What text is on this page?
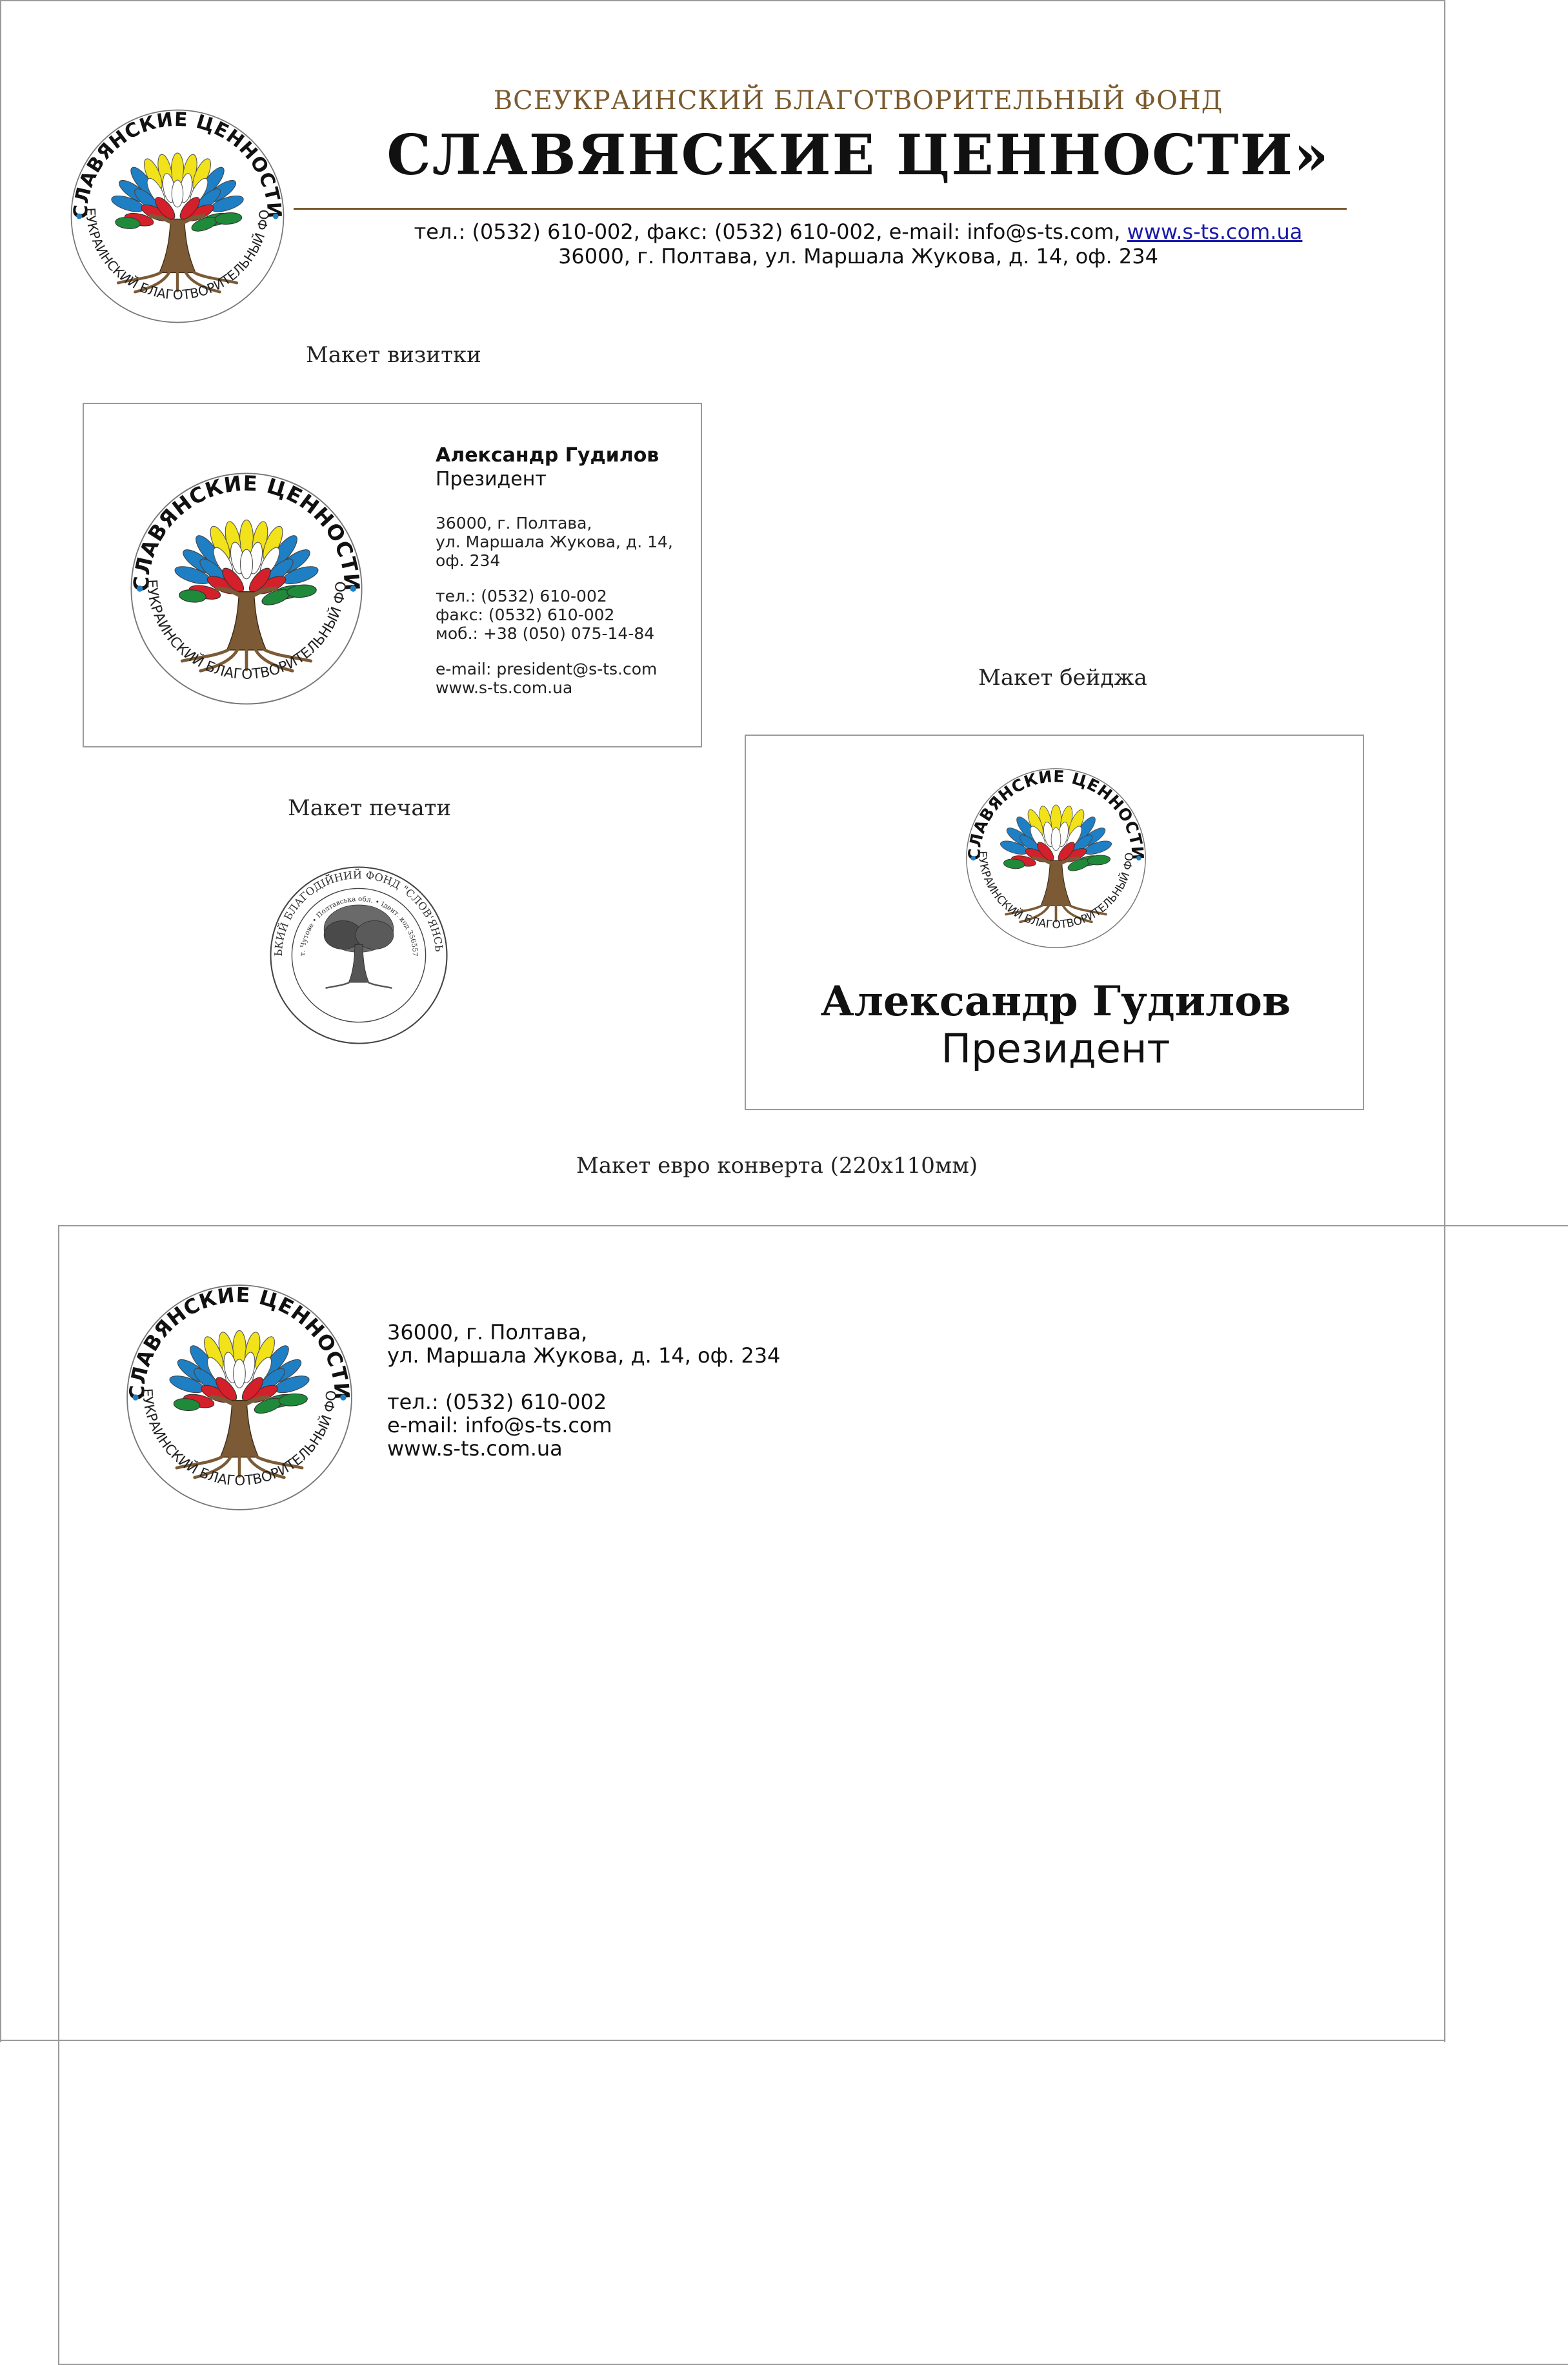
ВСЕУКРАИНСКИЙ БЛАГОТВОРИТЕЛЬНЫЙ ФОНД
СЛАВЯНСКИЕ ЦЕННОСТИ»
тел.: (0532) 610-002, факс: (0532) 610-002, e-mail: info@s-ts.com, www.s-ts.com.ua
36000, г. Полтава, ул. Маршала Жукова, д. 14, оф. 234
Макет визитки
Александр Гудилов
Президент
36000, г. Полтава,
ул. Маршала Жукова, д. 14,
оф. 234
тел.: (0532) 610-002
факс: (0532) 610-002
моб.: +38 (050) 075-14-84
e-mail: president@s-ts.com
www.s-ts.com.ua
Макет печати
Макет бейджа
Александр Гудилов
Президент
Макет евро конверта (220х110мм)
36000, г. Полтава,
ул. Маршала Жукова, д. 14, оф. 234
тел.: (0532) 610-002
e-mail: info@s-ts.com
www.s-ts.com.ua
